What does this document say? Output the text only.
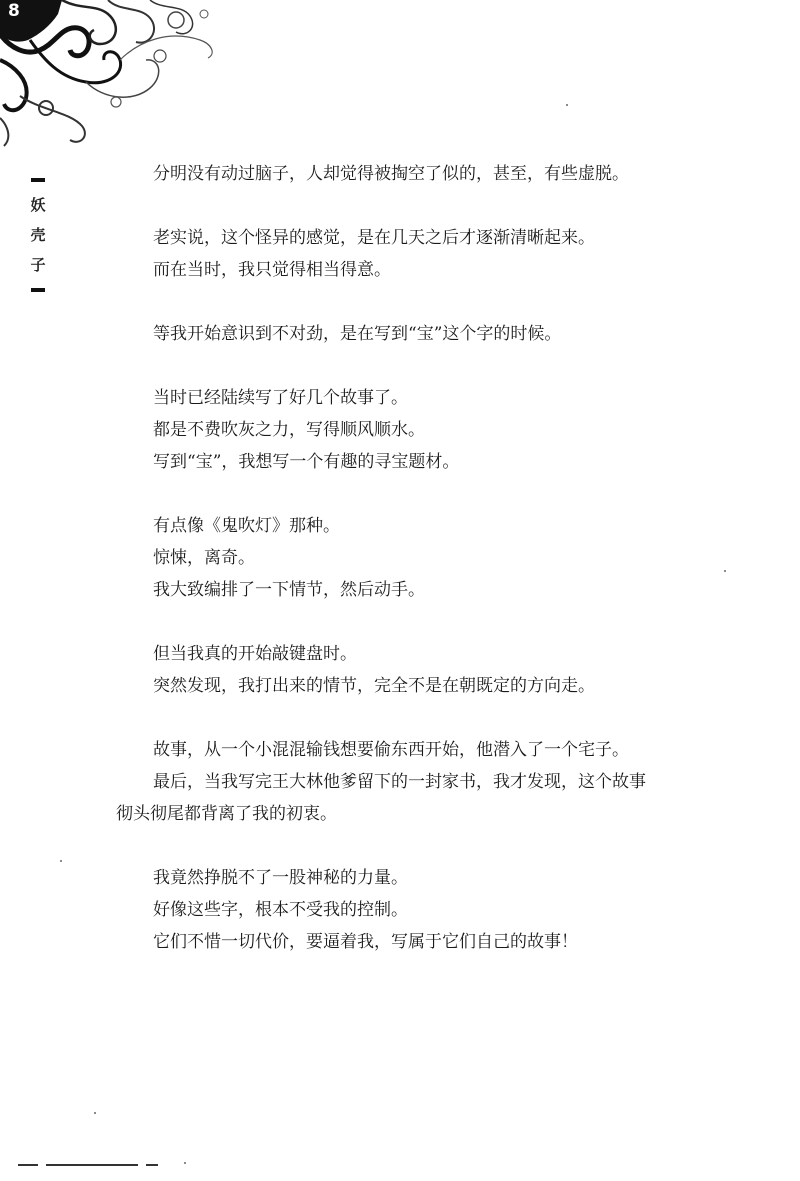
8
妖
壳
子
分明没有动过脑子，人却觉得被掏空了似的，甚至，有些虚脱。
老实说，这个怪异的感觉，是在几天之后才逐渐清晰起来。
而在当时，我只觉得相当得意。
等我开始意识到不对劲，是在写到“宝”这个字的时候。
当时已经陆续写了好几个故事了。
都是不费吹灰之力，写得顺风顺水。
写到“宝”，我想写一个有趣的寻宝题材。
有点像《鬼吹灯》那种。
惊悚，离奇。
我大致编排了一下情节，然后动手。
但当我真的开始敲键盘时。
突然发现，我打出来的情节，完全不是在朝既定的方向走。
故事，从一个小混混输钱想要偷东西开始，他潜入了一个宅子。
最后，当我写完王大林他爹留下的一封家书，我才发现，这个故事
彻头彻尾都背离了我的初衷。
我竟然挣脱不了一股神秘的力量。
好像这些字，根本不受我的控制。
它们不惜一切代价，要逼着我，写属于它们自己的故事！
